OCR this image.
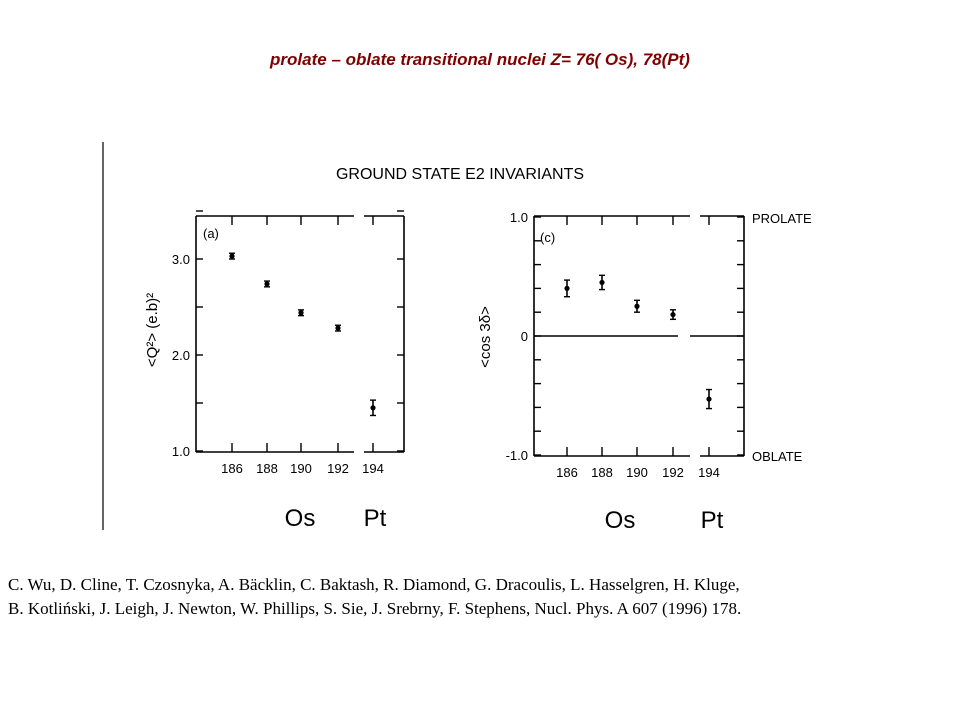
prolate – oblate transitional nuclei Z= 76( Os), 78(Pt)
GROUND STATE E2 INVARIANTS
(a)
3.0
2.0
1.0
186 188 190 192 194
Os Pt
<Q²> (e.b)²
(c)
1.0
0
-1.0
186 188 190 192 194
Os	Pt
<cos 3δ>
PROLATE
OBLATE
C. Wu, D. Cline, T. Czosnyka, A. Bäcklin, C. Baktash, R. Diamond, G. Dracoulis, L. Hasselgren, H. Kluge,
B. Kotliński, J. Leigh, J. Newton, W. Phillips, S. Sie, J. Srebrny, F. Stephens, Nucl. Phys. A 607 (1996) 178.
